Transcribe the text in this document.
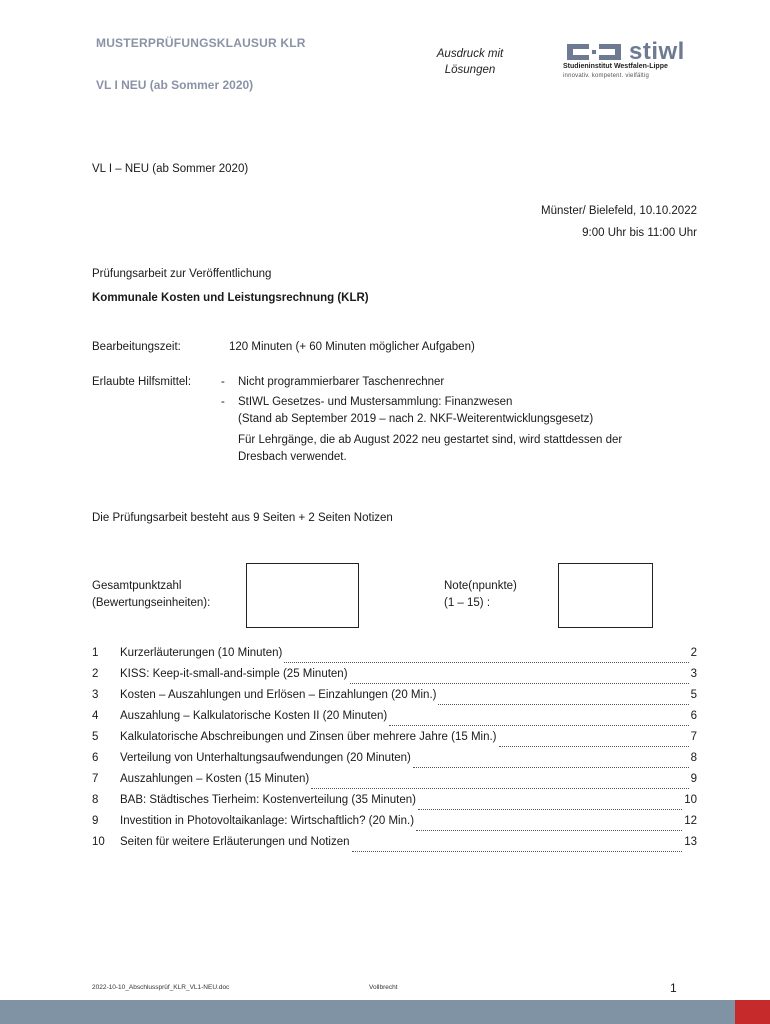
MUSTERPRÜFUNGSKLAUSUR KLR
VL I NEU (ab Sommer 2020)
Ausdruck mit
Lösungen
stiwl
Studieninstitut Westfalen-Lippe
innovativ. kompetent. vielfältig
VL I – NEU (ab Sommer 2020)
Münster/ Bielefeld, 10.10.2022
9:00 Uhr bis 11:00 Uhr
Prüfungsarbeit zur Veröffentlichung
Kommunale Kosten und Leistungsrechnung (KLR)
Bearbeitungszeit:	120 Minuten (+ 60 Minuten möglicher Aufgaben)
Erlaubte Hilfsmittel:	- Nicht programmierbarer Taschenrechner
- StIWL Gesetzes- und Mustersammlung: Finanzwesen
(Stand ab September 2019 – nach 2. NKF-Weiterentwicklungsgesetz)
Für Lehrgänge, die ab August 2022 neu gestartet sind, wird stattdessen der
Dresbach verwendet.
Die Prüfungsarbeit besteht aus 9 Seiten + 2 Seiten Notizen
Gesamtpunktzahl
(Bewertungseinheiten):
Note(npunkte)
(1 – 15) :
1	Kurzerläuterungen (10 Minuten)	2
2	KISS: Keep-it-small-and-simple (25 Minuten)	3
3	Kosten – Auszahlungen und Erlösen – Einzahlungen (20 Min.)	5
4	Auszahlung – Kalkulatorische Kosten II (20 Minuten)	6
5	Kalkulatorische Abschreibungen und Zinsen über mehrere Jahre (15 Min.)	7
6	Verteilung von Unterhaltungsaufwendungen (20 Minuten)	8
7	Auszahlungen – Kosten (15 Minuten)	9
8	BAB: Städtisches Tierheim: Kostenverteilung (35 Minuten)	10
9	Investition in Photovoltaikanlage: Wirtschaftlich? (20 Min.)	12
10	Seiten für weitere Erläuterungen und Notizen	13
2022-10-10_Abschlussprüf_KLR_VL1-NEU.doc	Vollbrecht	1
